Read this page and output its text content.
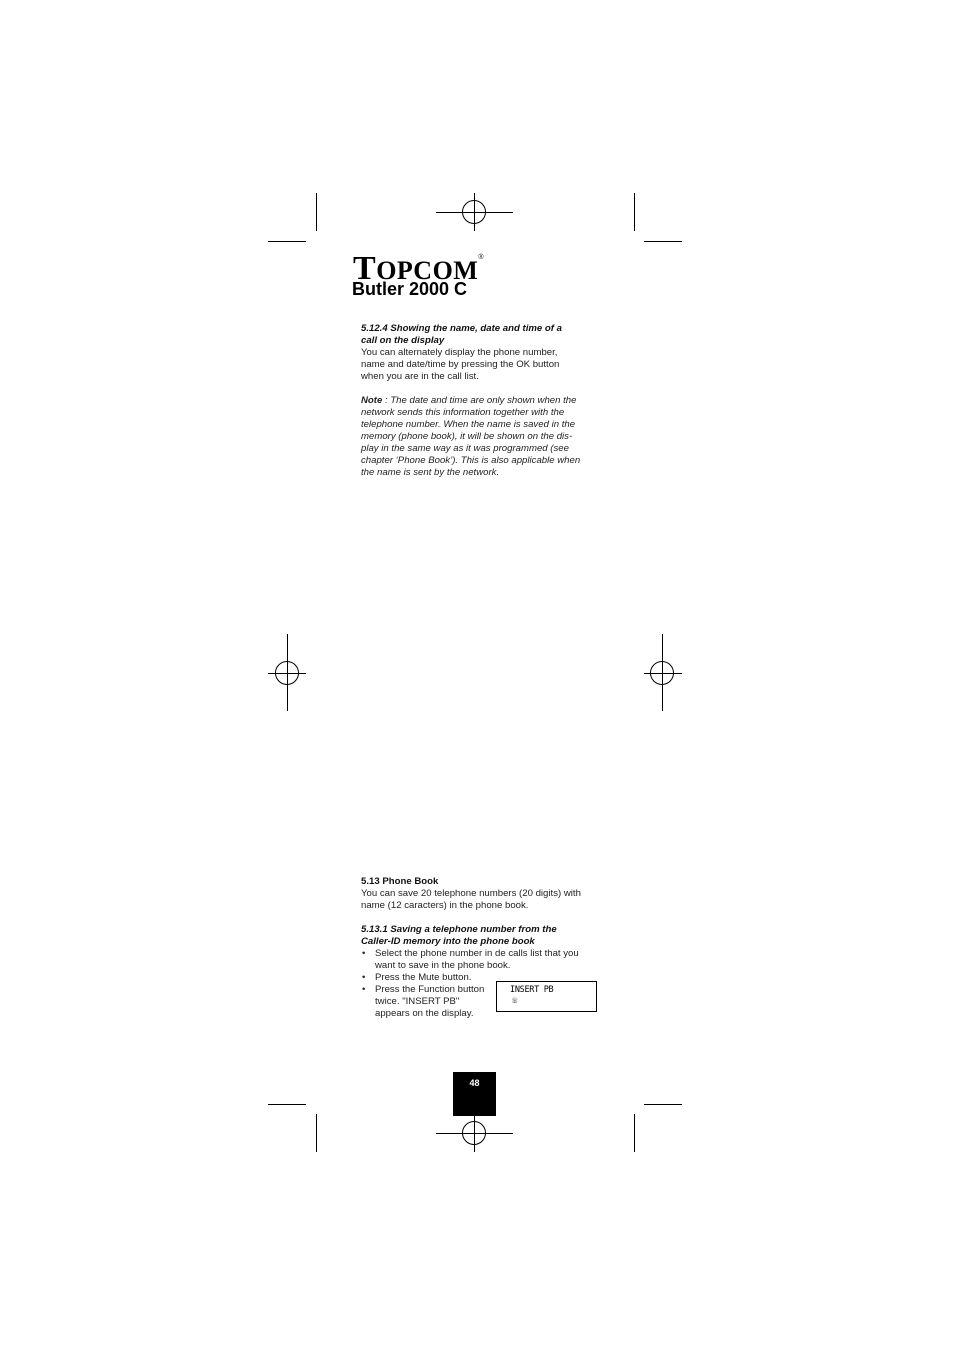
TOPCOM®
Butler 2000 C
5.12.4 Showing the name, date and time of a
call on the display
You can alternately display the phone number,
name and date/time by pressing the OK button
when you are in the call list.
Note : The date and time are only shown when the
network sends this information together with the
telephone number. When the name is saved in the
memory (phone book), it will be shown on the dis-
play in the same way as it was programmed (see
chapter ‘Phone Book’). This is also applicable when
the name is sent by the network.
5.13 Phone Book
You can save 20 telephone numbers (20 digits) with
name (12 caracters) in the phone book.
5.13.1 Saving a telephone number from the
Caller-ID memory into the phone book
• Select the phone number in de calls list that you
want to save in the phone book.
• Press the Mute button.
• Press the Function button
twice. "INSERT PB"
appears on the display.
INSERT PB
☏
48
